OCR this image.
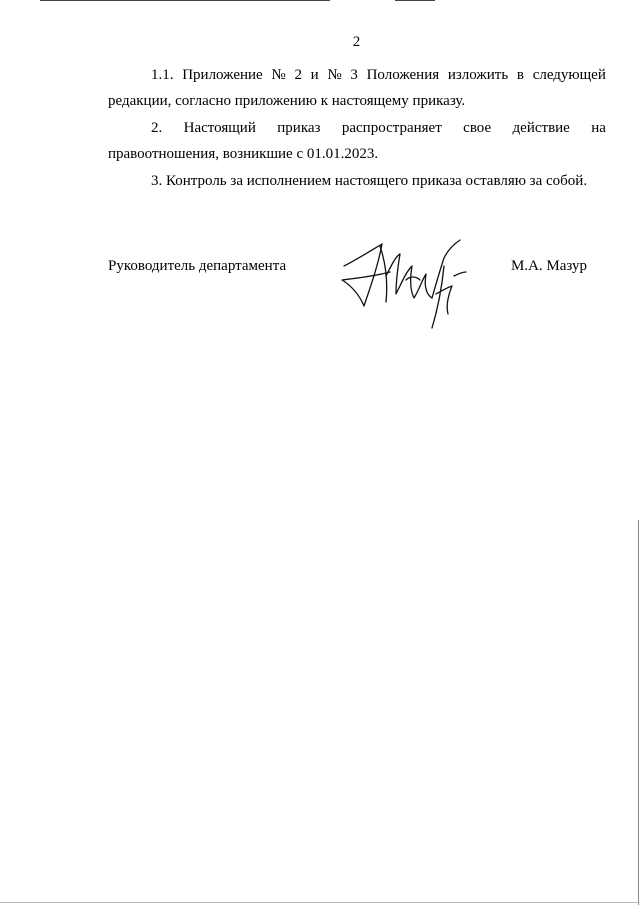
2
1.1. Приложение № 2 и № 3 Положения изложить в следующей
редакции, согласно приложению к настоящему приказу.
2. Настоящий приказ распространяет свое действие на
правоотношения, возникшие с 01.01.2023.
3. Контроль за исполнением настоящего приказа оставляю за собой.
Руководитель департамента	М.А. Мазур
